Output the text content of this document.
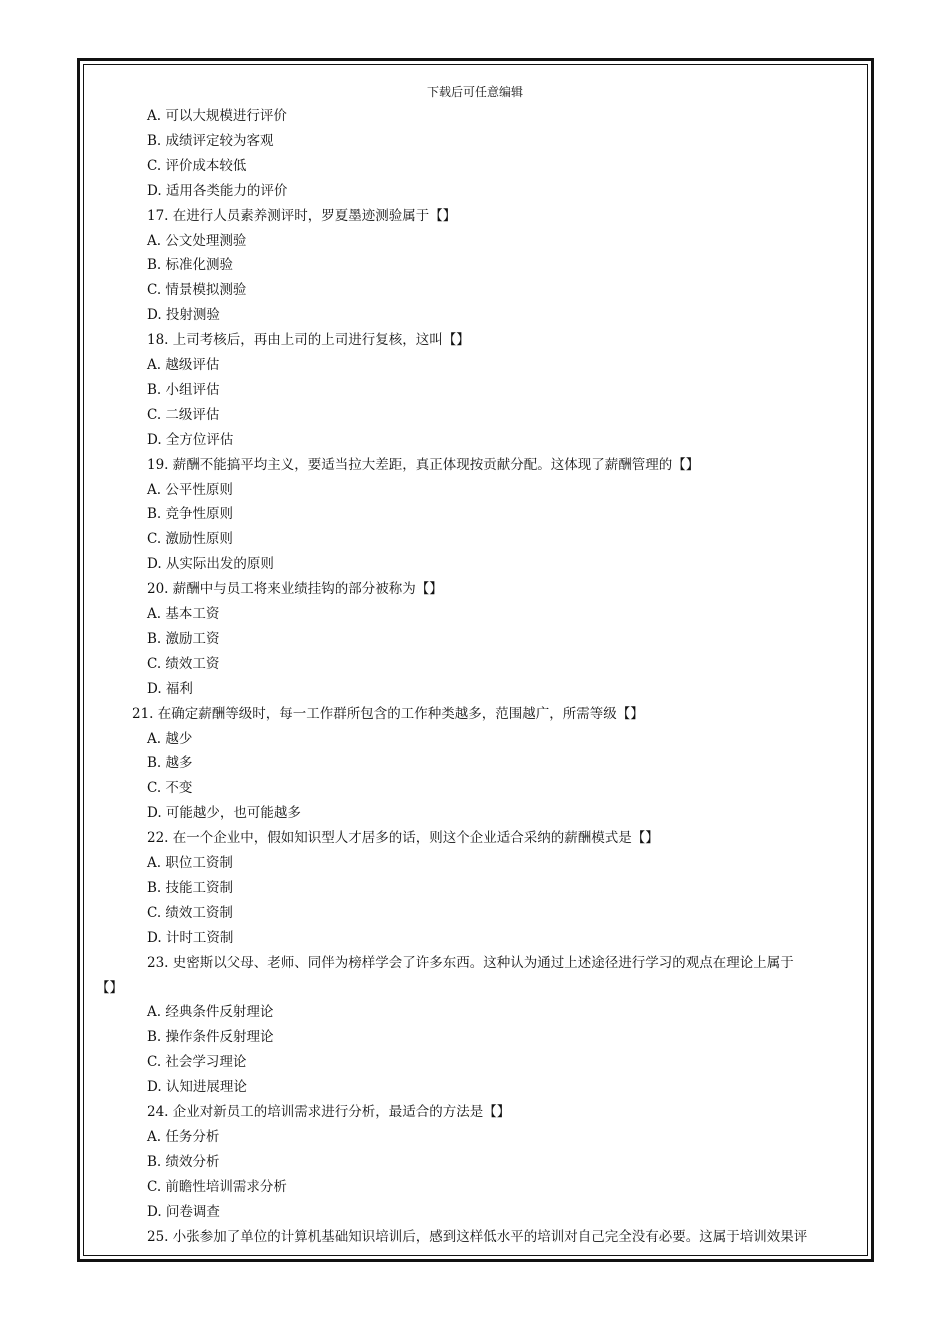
下载后可任意编辑
A. 可以大规模进行评价
B. 成绩评定较为客观
C. 评价成本较低
D. 适用各类能力的评价
17. 在进行人员素养测评时，罗夏墨迹测验属于【】
A. 公文处理测验
B. 标准化测验
C. 情景模拟测验
D. 投射测验
18. 上司考核后，再由上司的上司进行复核，这叫【】
A. 越级评估
B. 小组评估
C. 二级评估
D. 全方位评估
19. 薪酬不能搞平均主义，要适当拉大差距，真正体现按贡献分配。这体现了薪酬管理的【】
A. 公平性原则
B. 竞争性原则
C. 激励性原则
D. 从实际出发的原则
20. 薪酬中与员工将来业绩挂钩的部分被称为【】
A. 基本工资
B. 激励工资
C. 绩效工资
D. 福利
21. 在确定薪酬等级时，每一工作群所包含的工作种类越多，范围越广，所需等级【】
A. 越少
B. 越多
C. 不变
D. 可能越少，也可能越多
22. 在一个企业中，假如知识型人才居多的话，则这个企业适合采纳的薪酬模式是【】
A. 职位工资制
B. 技能工资制
C. 绩效工资制
D. 计时工资制
23. 史密斯以父母、老师、同伴为榜样学会了许多东西。这种认为通过上述途径进行学习的观点在理论上属于
【】
A. 经典条件反射理论
B. 操作条件反射理论
C. 社会学习理论
D. 认知进展理论
24. 企业对新员工的培训需求进行分析，最适合的方法是【】
A. 任务分析
B. 绩效分析
C. 前瞻性培训需求分析
D. 问卷调查
25. 小张参加了单位的计算机基础知识培训后，感到这样低水平的培训对自己完全没有必要。这属于培训效果评
